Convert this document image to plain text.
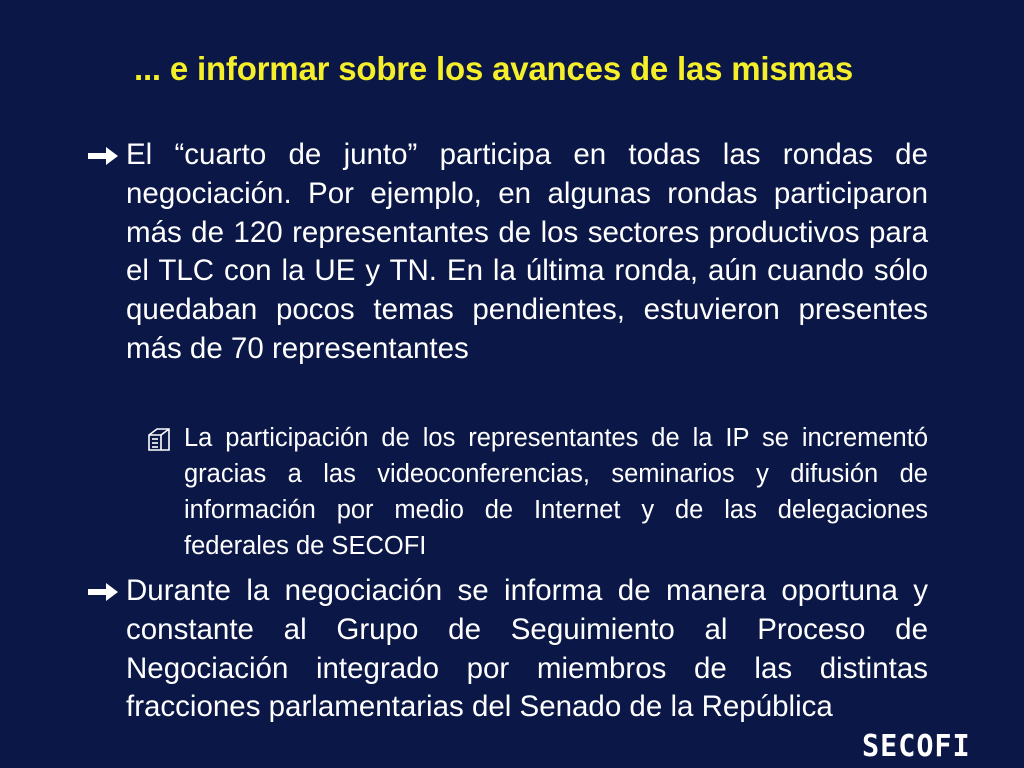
... e informar sobre los avances de las mismas
El “cuarto de junto” participa en todas las rondas de negociación. Por ejemplo, en algunas rondas participaron más de 120 representantes de los sectores productivos para el TLC con la UE y TN. En la última ronda, aún cuando sólo quedaban pocos temas pendientes, estuvieron presentes más de 70 representantes
La participación de los representantes de la IP se incrementó gracias a las videoconferencias, seminarios y difusión de información por medio de Internet y de las delegaciones federales de SECOFI
Durante la negociación se informa de manera oportuna y constante al Grupo de Seguimiento al Proceso de Negociación integrado por miembros de las distintas fracciones parlamentarias del Senado de la República
SECOFI
